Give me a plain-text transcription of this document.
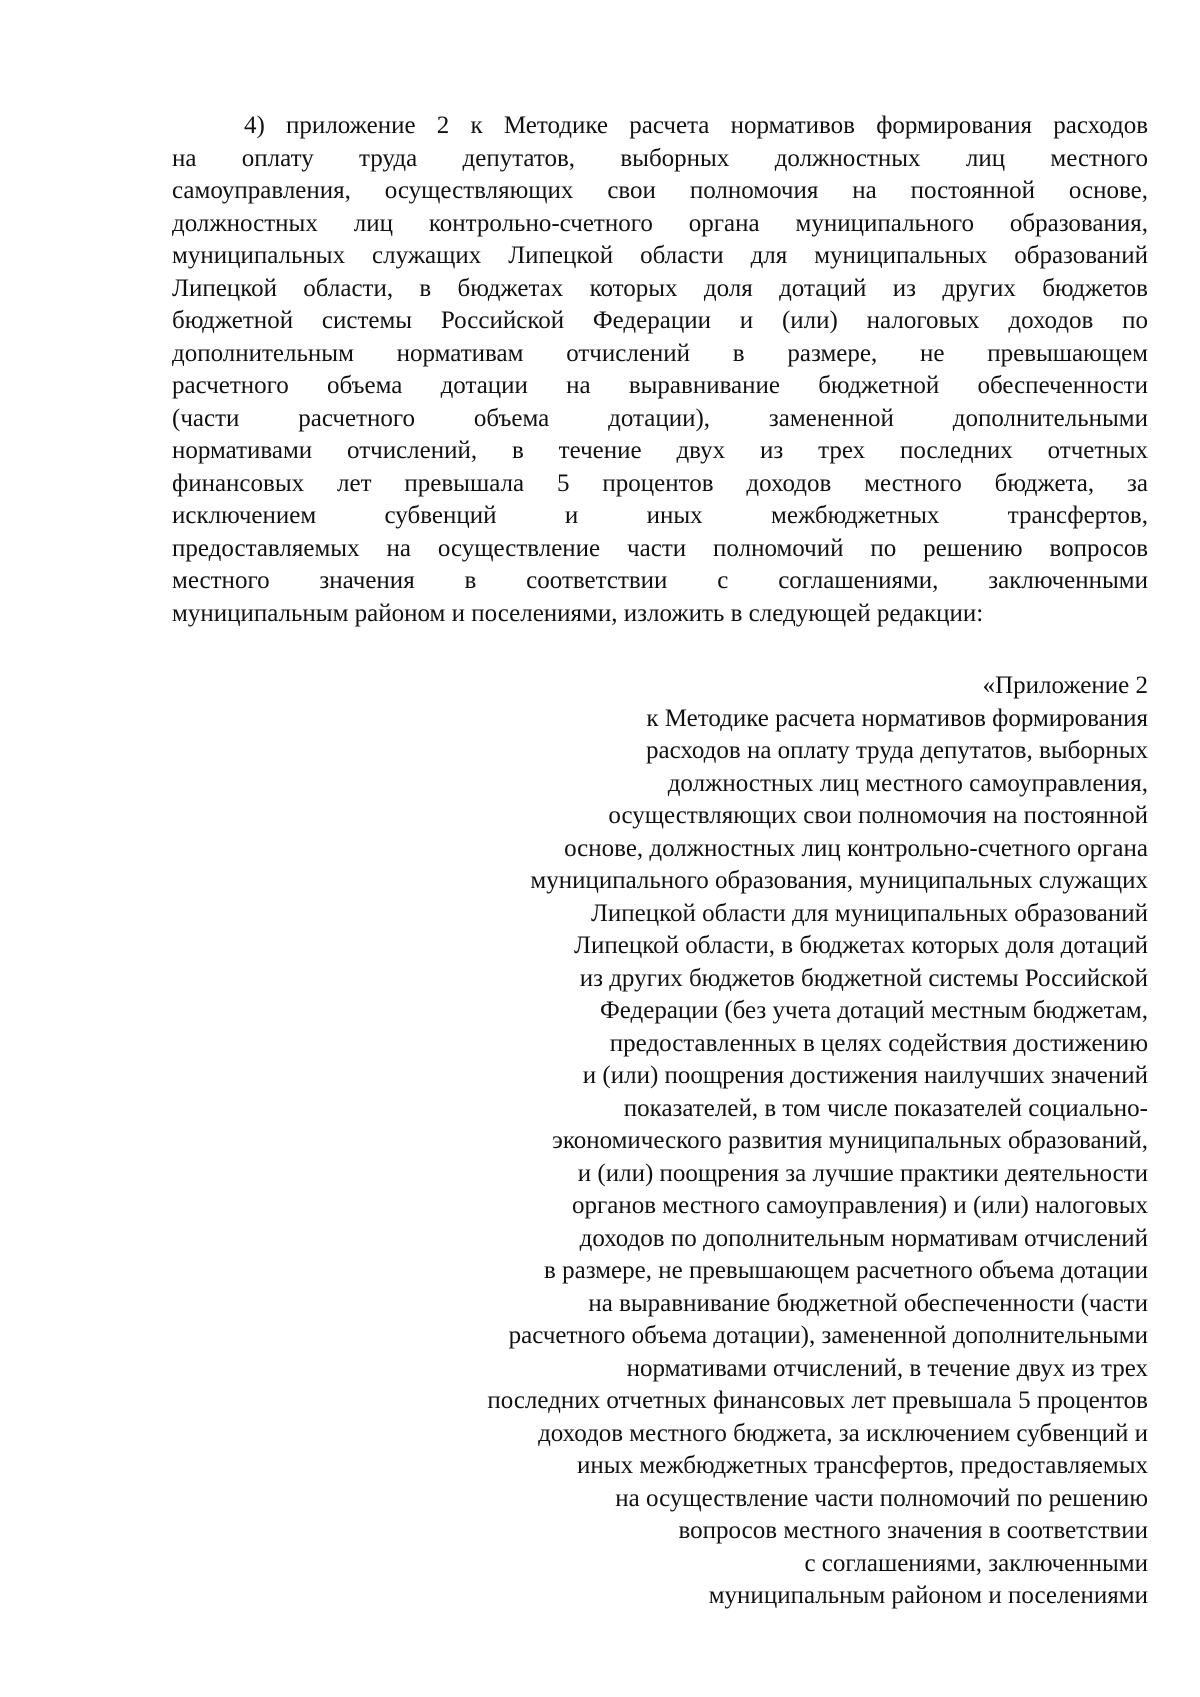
4) приложение 2 к Методике расчета нормативов формирования расходов
на оплату труда депутатов, выборных должностных лиц местного
самоуправления, осуществляющих свои полномочия на постоянной основе,
должностных лиц контрольно-счетного органа муниципального образования,
муниципальных служащих Липецкой области для муниципальных образований
Липецкой области, в бюджетах которых доля дотаций из других бюджетов
бюджетной системы Российской Федерации и (или) налоговых доходов по
дополнительным нормативам отчислений в размере, не превышающем
расчетного объема дотации на выравнивание бюджетной обеспеченности
(части расчетного объема дотации), замененной дополнительными
нормативами отчислений, в течение двух из трех последних отчетных
финансовых лет превышала 5 процентов доходов местного бюджета, за
исключением субвенций и иных межбюджетных трансфертов,
предоставляемых на осуществление части полномочий по решению вопросов
местного значения в соответствии с соглашениями, заключенными
муниципальным районом и поселениями, изложить в следующей редакции:
«Приложение 2
к Методике расчета нормативов формирования
расходов на оплату труда депутатов, выборных
должностных лиц местного самоуправления,
осуществляющих свои полномочия на постоянной
основе, должностных лиц контрольно-счетного органа
муниципального образования, муниципальных служащих
Липецкой области для муниципальных образований
Липецкой области, в бюджетах которых доля дотаций
из других бюджетов бюджетной системы Российской
Федерации (без учета дотаций местным бюджетам,
предоставленных в целях содействия достижению
и (или) поощрения достижения наилучших значений
показателей, в том числе показателей социально-
экономического развития муниципальных образований,
и (или) поощрения за лучшие практики деятельности
органов местного самоуправления) и (или) налоговых
доходов по дополнительным нормативам отчислений
в размере, не превышающем расчетного объема дотации
на выравнивание бюджетной обеспеченности (части
расчетного объема дотации), замененной дополнительными
нормативами отчислений, в течение двух из трех
последних отчетных финансовых лет превышала 5 процентов
доходов местного бюджета, за исключением субвенций и
иных межбюджетных трансфертов, предоставляемых
на осуществление части полномочий по решению
вопросов местного значения в соответствии
с соглашениями, заключенными
муниципальным районом и поселениями
